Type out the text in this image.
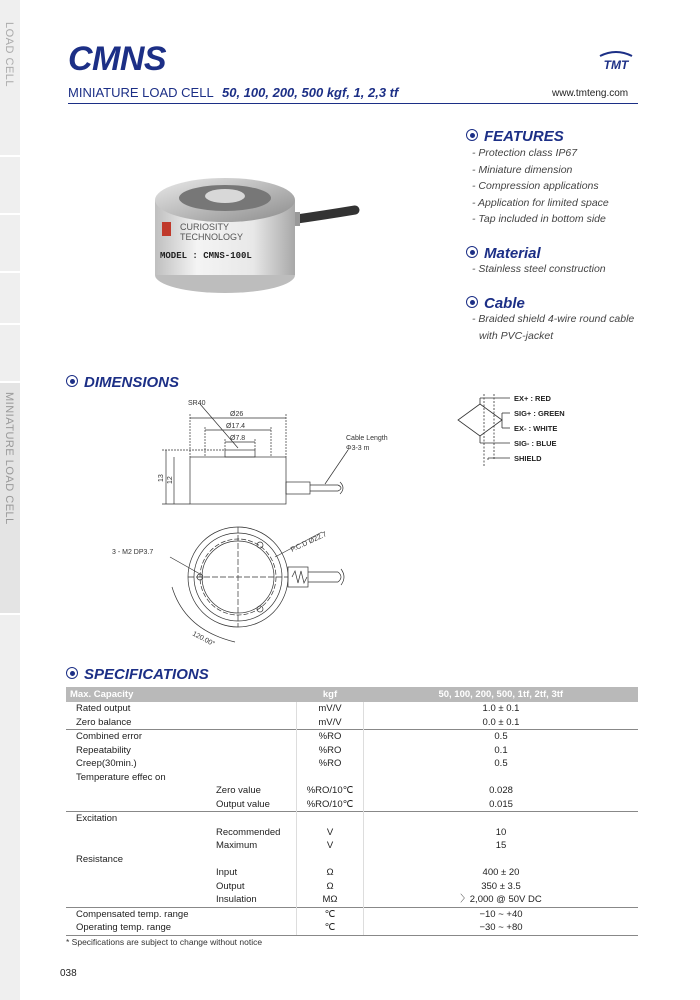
LOAD CELL
MINIATURE LOAD CELL
CMNS	TMT
MINIATURE LOAD CELL 50, 100, 200, 500 kgf, 1, 2,3 tf	www.tmteng.com
CURIOSITY
TECHNOLOGY
MODEL : CMNS-100L
FEATURES
- Protection class IP67
- Miniature dimension
- Compression applications
- Application for limited space
- Tap included in bottom side
Material
- Stainless steel construction
Cable
- Braided shield 4-wire round cable
with PVC-jacket
DIMENSIONS
SR40
Ø26
Ø17.4
Ø7.8
13 12
Cable Length
Φ3-3 m
3 - M2 DP3.7	P.C.D Ø22.7
120.00°
EX+ : RED
SIG+ : GREEN
EX- : WHITE
SIG- : BLUE
SHIELD
SPECIFICATIONS
Max. Capacity		kgf	50, 100, 200, 500, 1tf, 2tf, 3tf
Rated output		mV/V	1.0 ± 0.1
Zero balance		mV/V	0.0 ± 0.1
Combined error		%RO	0.5
Repeatability		%RO	0.1
Creep(30min.)		%RO	0.5
Temperature effec on			
	Zero value	%RO/10℃	0.028
	Output value	%RO/10℃	0.015
Excitation			
	Recommended	V	10
	Maximum	V	15
Resistance			
	Input	Ω	400 ± 20
	Output	Ω	350 ± 3.5
	Insulation	MΩ	〉2,000 @ 50V DC
Compensated temp. range		℃	−10 ~ +40
Operating temp. range		℃	−30 ~ +80
* Specifications are subject to change without notice
038
